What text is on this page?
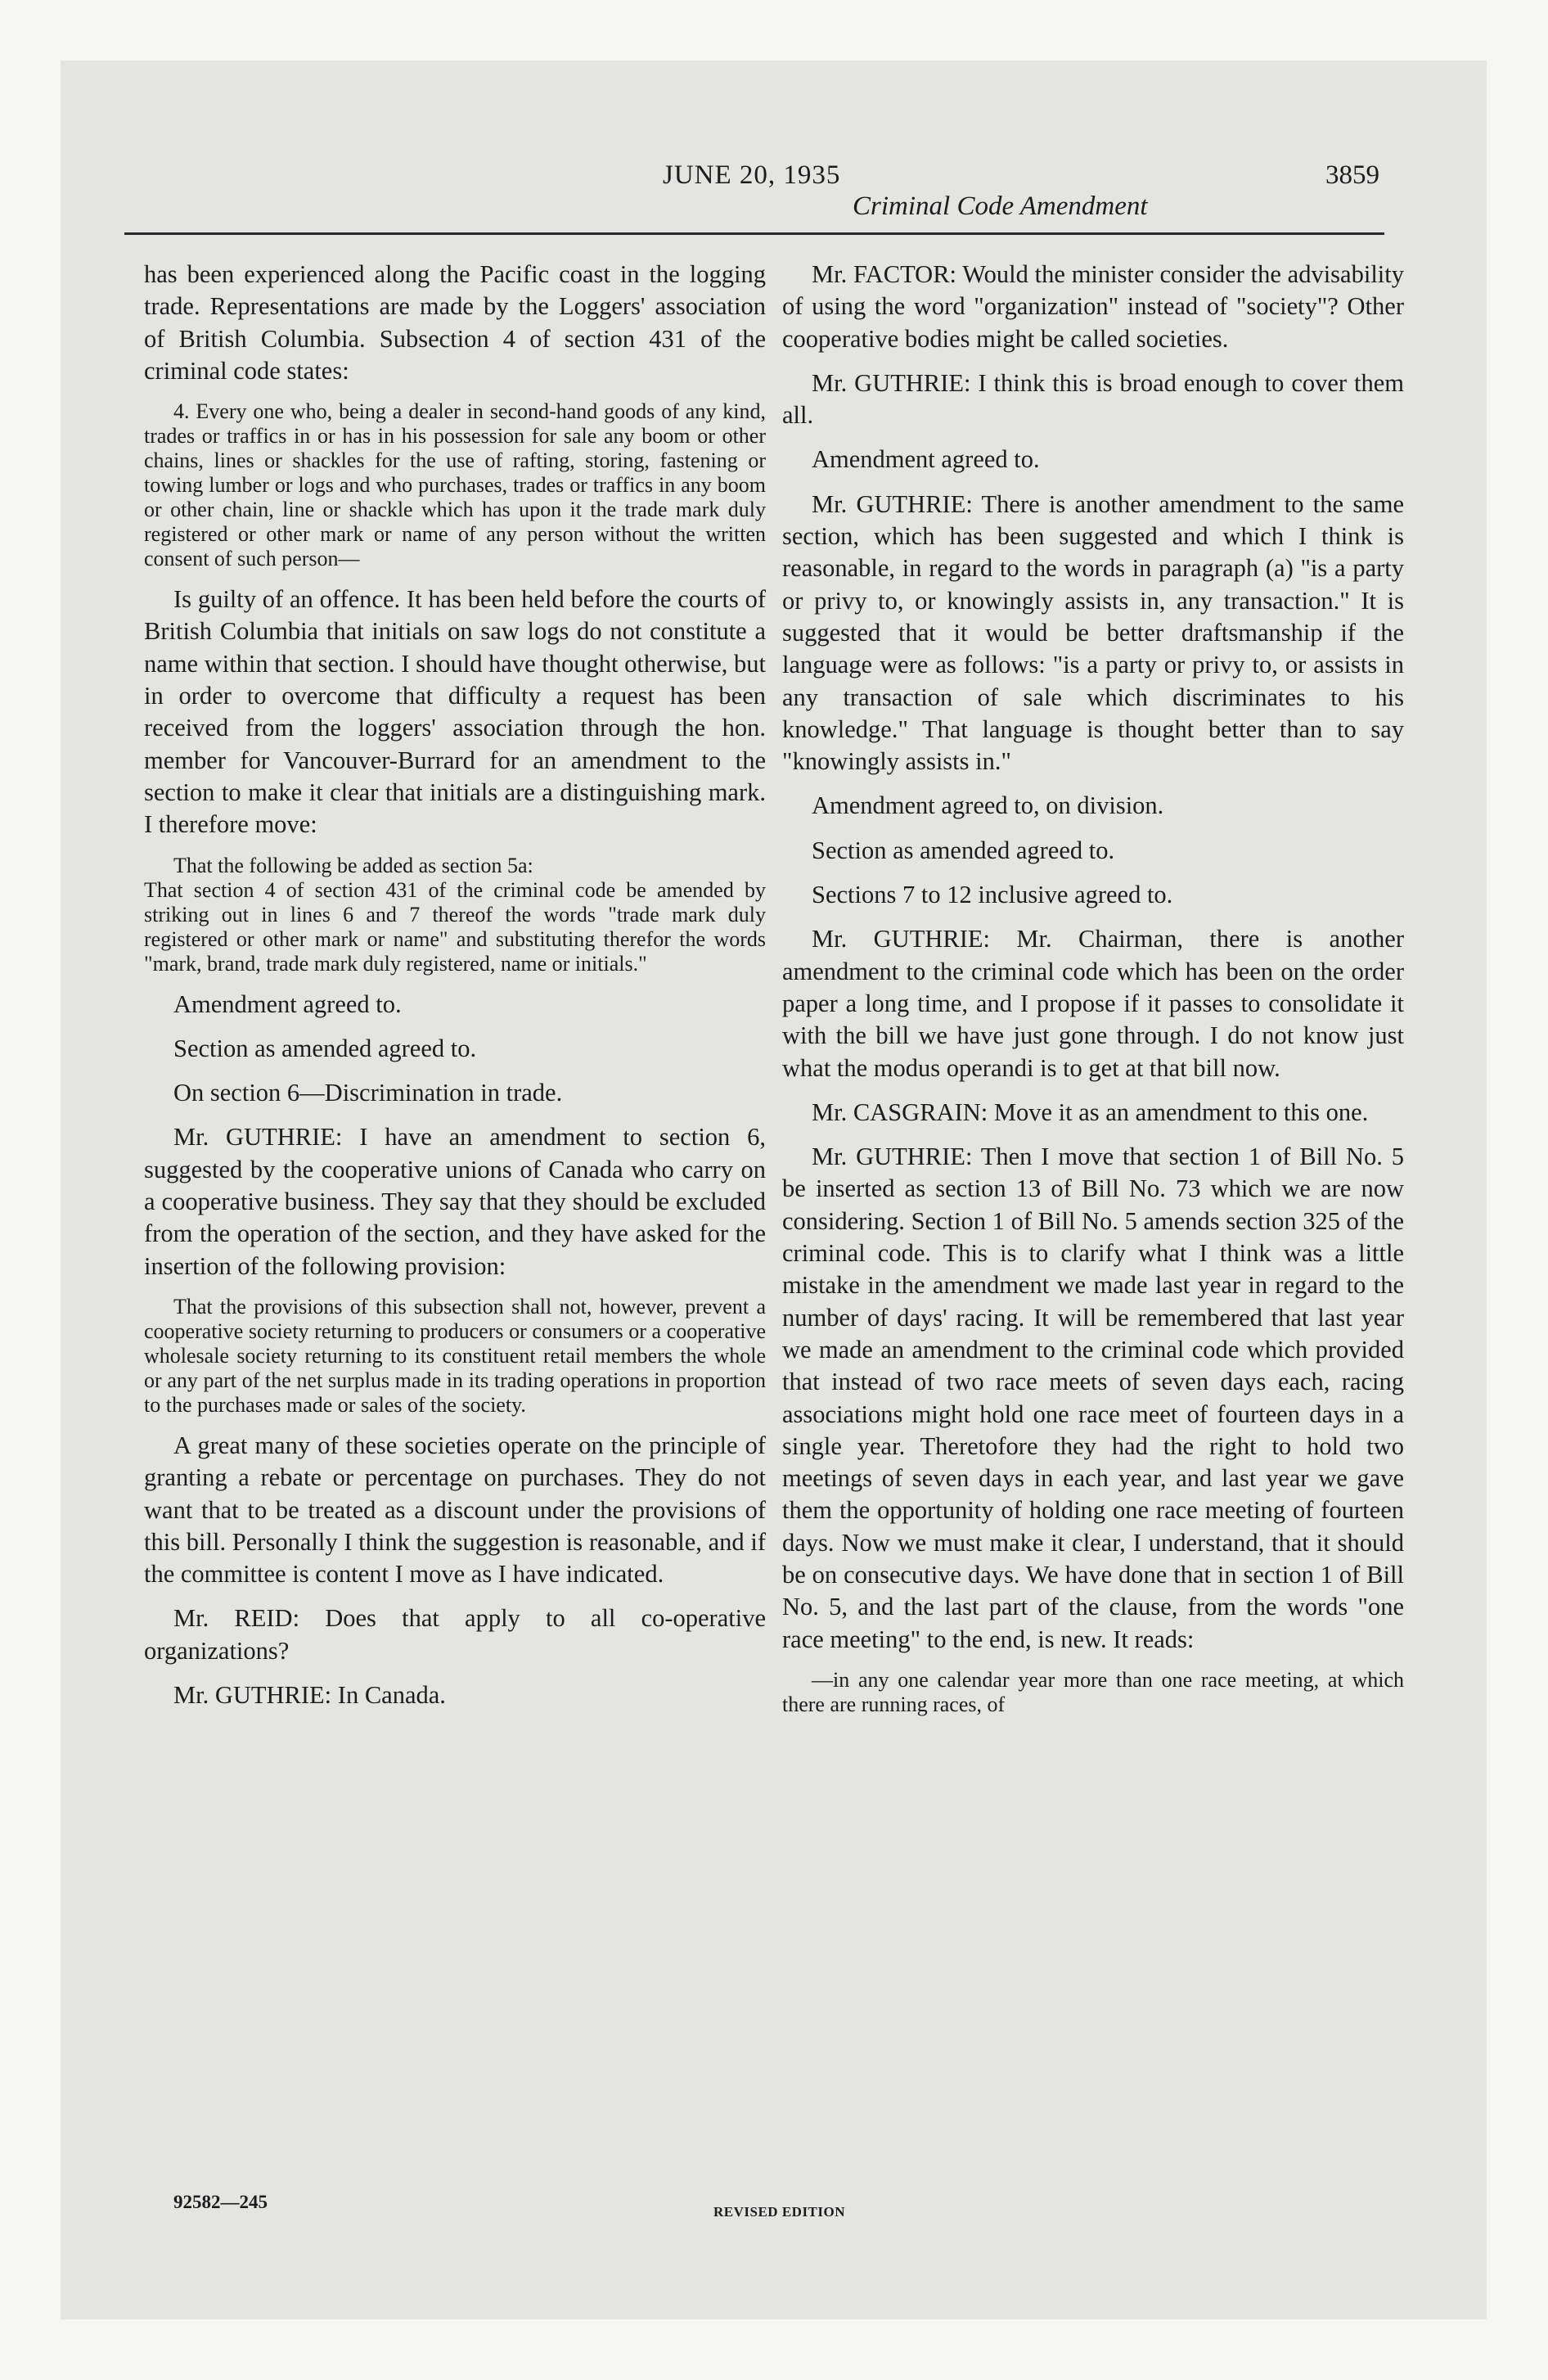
JUNE 20, 1935	3859
Criminal Code Amendment
has been experienced along the Pacific coast in the logging trade. Representations are made by the Loggers' association of British Columbia. Subsection 4 of section 431 of the criminal code states:
4. Every one who, being a dealer in second-hand goods of any kind, trades or traffics in or has in his possession for sale any boom or other chains, lines or shackles for the use of rafting, storing, fastening or towing lumber or logs and who purchases, trades or traffics in any boom or other chain, line or shackle which has upon it the trade mark duly registered or other mark or name of any person without the written consent of such person—
Is guilty of an offence. It has been held before the courts of British Columbia that initials on saw logs do not constitute a name within that section. I should have thought otherwise, but in order to overcome that difficulty a request has been received from the loggers' association through the hon. member for Vancouver-Burrard for an amendment to the section to make it clear that initials are a distinguishing mark. I therefore move:

That the following be added as section 5a:

That section 4 of section 431 of the criminal code be amended by striking out in lines 6 and 7 thereof the words "trade mark duly registered or other mark or name" and substituting therefor the words "mark, brand, trade mark duly registered, name or initials."

Amendment agreed to.
Section as amended agreed to.
On section 6—Discrimination in trade.
Mr. GUTHRIE: I have an amendment to section 6, suggested by the cooperative unions of Canada who carry on a cooperative business. They say that they should be excluded from the operation of the section, and they have asked for the insertion of the following provision:
That the provisions of this subsection shall not, however, prevent a cooperative society returning to producers or consumers or a cooperative wholesale society returning to its constituent retail members the whole or any part of the net surplus made in its trading operations in proportion to the purchases made or sales of the society.
A great many of these societies operate on the principle of granting a rebate or percentage on purchases. They do not want that to be treated as a discount under the provisions of this bill. Personally I think the suggestion is reasonable, and if the committee is content I move as I have indicated.
Mr. REID: Does that apply to all co-operative organizations?
Mr. GUTHRIE: In Canada.
Mr. FACTOR: Would the minister consider the advisability of using the word "organization" instead of "society"? Other cooperative bodies might be called societies.
Mr. GUTHRIE: I think this is broad enough to cover them all.
Amendment agreed to.
Mr. GUTHRIE: There is another amendment to the same section, which has been suggested and which I think is reasonable, in regard to the words in paragraph (a) "is a party or privy to, or knowingly assists in, any transaction." It is suggested that it would be better draftsmanship if the language were as follows: "is a party or privy to, or assists in any transaction of sale which discriminates to his knowledge." That language is thought better than to say "knowingly assists in."
Amendment agreed to, on division.
Section as amended agreed to.
Sections 7 to 12 inclusive agreed to.
Mr. GUTHRIE: Mr. Chairman, there is another amendment to the criminal code which has been on the order paper a long time, and I propose if it passes to consolidate it with the bill we have just gone through. I do not know just what the modus operandi is to get at that bill now.
Mr. CASGRAIN: Move it as an amendment to this one.
Mr. GUTHRIE: Then I move that section 1 of Bill No. 5 be inserted as section 13 of Bill No. 73 which we are now considering. Section 1 of Bill No. 5 amends section 325 of the criminal code. This is to clarify what I think was a little mistake in the amendment we made last year in regard to the number of days' racing. It will be remembered that last year we made an amendment to the criminal code which provided that instead of two race meets of seven days each, racing associations might hold one race meet of fourteen days in a single year. Theretofore they had the right to hold two meetings of seven days in each year, and last year we gave them the opportunity of holding one race meeting of fourteen days. Now we must make it clear, I understand, that it should be on consecutive days. We have done that in section 1 of Bill No. 5, and the last part of the clause, from the words "one race meeting" to the end, is new. It reads:
—in any one calendar year more than one race meeting, at which there are running races, of
92582—245	REVISED EDITION
